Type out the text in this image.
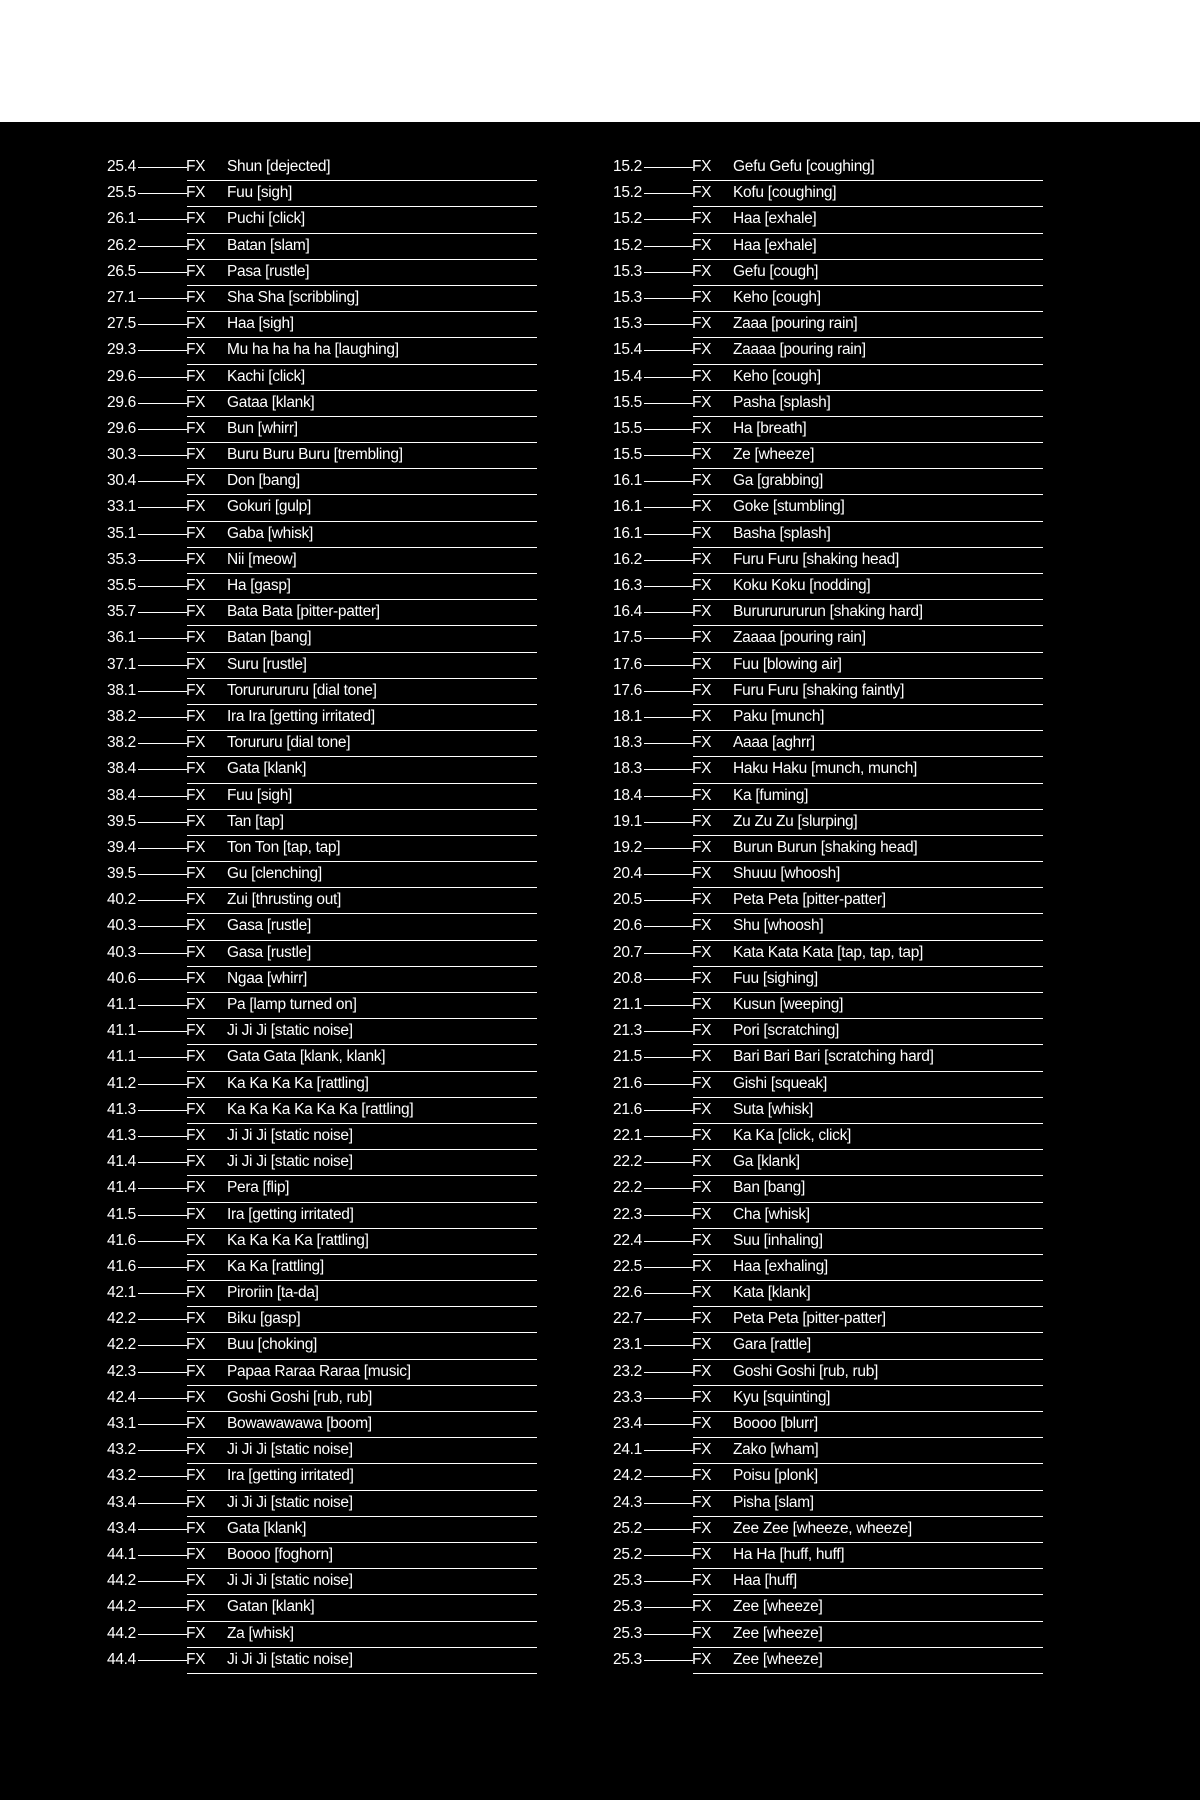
25.4	FX Shun [dejected]
25.5	FX Fuu [sigh]
26.1	FX Puchi [click]
26.2	FX Batan [slam]
26.5	FX Pasa [rustle]
27.1	FX Sha Sha [scribbling]
27.5	FX Haa [sigh]
29.3	FX Mu ha ha ha ha [laughing]
29.6	FX Kachi [click]
29.6	FX Gataa [klank]
29.6	FX Bun [whirr]
30.3	FX Buru Buru Buru [trembling]
30.4	FX Don [bang]
33.1	FX Gokuri [gulp]
35.1	FX Gaba [whisk]
35.3	FX Nii [meow]
35.5	FX Ha [gasp]
35.7	FX Bata Bata [pitter-patter]
36.1	FX Batan [bang]
37.1	FX Suru [rustle]
38.1	FX Torururururu [dial tone]
38.2	FX Ira Ira [getting irritated]
38.2	FX Torururu [dial tone]
38.4	FX Gata [klank]
38.4	FX Fuu [sigh]
39.5	FX Tan [tap]
39.4	FX Ton Ton [tap, tap]
39.5	FX Gu [clenching]
40.2	FX Zui [thrusting out]
40.3	FX Gasa [rustle]
40.3	FX Gasa [rustle]
40.6	FX Ngaa [whirr]
41.1	FX Pa [lamp turned on]
41.1	FX Ji Ji Ji [static noise]
41.1	FX Gata Gata [klank, klank]
41.2	FX Ka Ka Ka Ka [rattling]
41.3	FX Ka Ka Ka Ka Ka Ka [rattling]
41.3	FX Ji Ji Ji [static noise]
41.4	FX Ji Ji Ji [static noise]
41.4	FX Pera [flip]
41.5	FX Ira [getting irritated]
41.6	FX Ka Ka Ka Ka [rattling]
41.6	FX Ka Ka [rattling]
42.1	FX Piroriin [ta-da]
42.2	FX Biku [gasp]
42.2	FX Buu [choking]
42.3	FX Papaa Raraa Raraa [music]
42.4	FX Goshi Goshi [rub, rub]
43.1	FX Bowawawawa [boom]
43.2	FX Ji Ji Ji [static noise]
43.2	FX Ira [getting irritated]
43.4	FX Ji Ji Ji [static noise]
43.4	FX Gata [klank]
44.1	FX Boooo [foghorn]
44.2	FX Ji Ji Ji [static noise]
44.2	FX Gatan [klank]
44.2	FX Za [whisk]
44.4	FX Ji Ji Ji [static noise]
15.2	FX Gefu Gefu [coughing]
15.2	FX Kofu [coughing]
15.2	FX Haa [exhale]
15.2	FX Haa [exhale]
15.3	FX Gefu [cough]
15.3	FX Keho [cough]
15.3	FX Zaaa [pouring rain]
15.4	FX Zaaaa [pouring rain]
15.4	FX Keho [cough]
15.5	FX Pasha [splash]
15.5	FX Ha [breath]
15.5	FX Ze [wheeze]
16.1	FX Ga [grabbing]
16.1	FX Goke [stumbling]
16.1	FX Basha [splash]
16.2	FX Furu Furu [shaking head]
16.3	FX Koku Koku [nodding]
16.4	FX Burururururun [shaking hard]
17.5	FX Zaaaa [pouring rain]
17.6	FX Fuu [blowing air]
17.6	FX Furu Furu [shaking faintly]
18.1	FX Paku [munch]
18.3	FX Aaaa [aghrr]
18.3	FX Haku Haku [munch, munch]
18.4	FX Ka [fuming]
19.1	FX Zu Zu Zu [slurping]
19.2	FX Burun Burun [shaking head]
20.4	FX Shuuu [whoosh]
20.5	FX Peta Peta [pitter-patter]
20.6	FX Shu [whoosh]
20.7	FX Kata Kata Kata [tap, tap, tap]
20.8	FX Fuu [sighing]
21.1	FX Kusun [weeping]
21.3	FX Pori [scratching]
21.5	FX Bari Bari Bari [scratching hard]
21.6	FX Gishi [squeak]
21.6	FX Suta [whisk]
22.1	FX Ka Ka [click, click]
22.2	FX Ga [klank]
22.2	FX Ban [bang]
22.3	FX Cha [whisk]
22.4	FX Suu [inhaling]
22.5	FX Haa [exhaling]
22.6	FX Kata [klank]
22.7	FX Peta Peta [pitter-patter]
23.1	FX Gara [rattle]
23.2	FX Goshi Goshi [rub, rub]
23.3	FX Kyu [squinting]
23.4	FX Boooo [blurr]
24.1	FX Zako [wham]
24.2	FX Poisu [plonk]
24.3	FX Pisha [slam]
25.2	FX Zee Zee [wheeze, wheeze]
25.2	FX Ha Ha [huff, huff]
25.3	FX Haa [huff]
25.3	FX Zee [wheeze]
25.3	FX Zee [wheeze]
25.3	FX Zee [wheeze]
